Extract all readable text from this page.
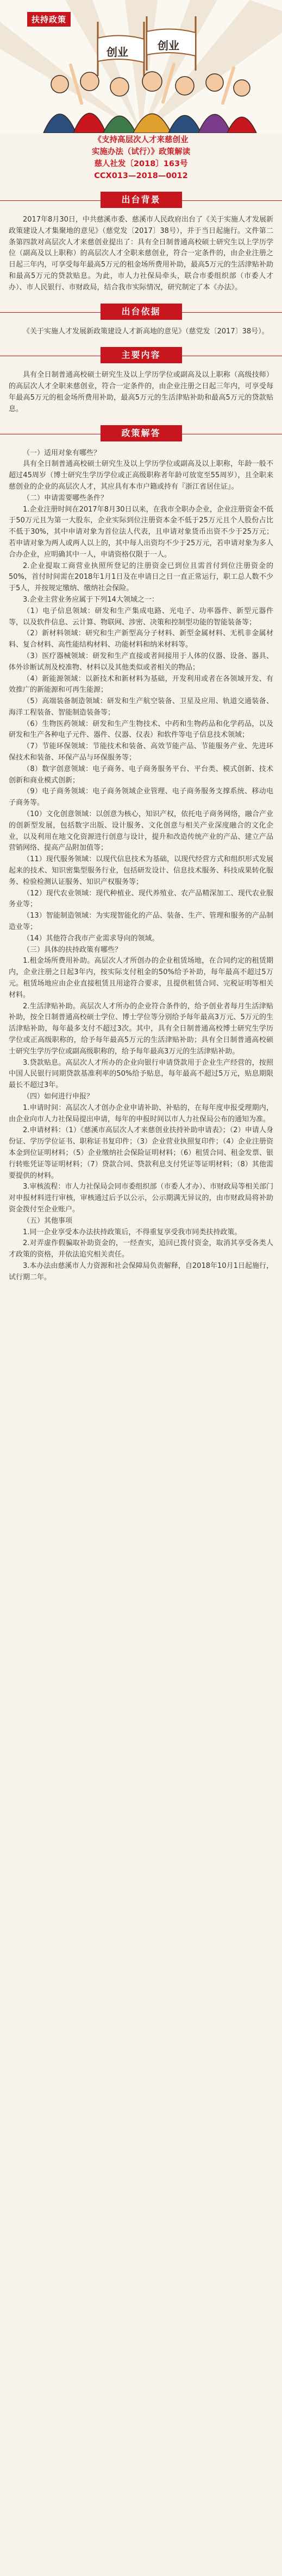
扶持政策
创业	创业
《支持高层次人才来慈创业
实施办法（试行）》政策解读
慈人社发〔2018〕163号
CCX013—2018—0012
出台背景

2017年8月30日，中共慈溪市委、慈溪市人民政府出台了《关于实施人才发展新政策建设人才集聚地的意见》（慈党发〔2017〕38号），并于当日起施行。文件第二条第四款对高层次人才来慈创业提出了：具有全日制普通高校硕士研究生以上学历学位（副高及以上职称）的高层次人才全职来慈创业，符合一定条件的，由企业注册之日起三年内，可享受每年最高5万元的租金场所费用补助，最高5万元的生活津贴补助和最高5万元的贷款贴息。为此，市人力社保局牵头，联合市委组织部（市委人才办）、市人民银行、市财政局，结合我市实际情况，研究制定了本《办法》。

出台依据

《关于实施人才发展新政策建设人才新高地的意见》（慈党发〔2017〕38号）。

主要内容

具有全日制普通高校硕士研究生及以上学历学位或副高及以上职称（高级技师）的高层次人才全职来慈创业，符合一定条件的，由企业注册之日起三年内，可享受每年最高5万元的租金场所费用补助，最高5万元的生活津贴补助和最高5万元的贷款贴息。

政策解答

（一）适用对象有哪些？

具有全日制普通高校硕士研究生及以上学历学位或副高及以上职称，年龄一般不超过45周岁（博士研究生学历学位或正高级职称者年龄可放宽至55周岁），且全职来慈创业的企业的高层次人才，其应具有本市户籍或持有『浙江省居住证』。

（二）申请需要哪些条件？

1.企业注册时间在2017年8月30日以来，在我市全职办企业，企业注册资金不低于50万元且为第一大股东，企业实际到位注册资本金不低于25万元且个人股份占比不低于30%，其中申请对象为首位法人代表，且申请对象货币出资不少于25万元；若申请对象为两人或两人以上的，其中每人出资均不少于25万元，若申请对象为多人合办企业，应明确其中一人，申请资格仅限于一人。

2.企业提取工商营业执照所登记的注册资金已到位且需首付到位注册资金的50%，首付时间需在2018年1月1日及在申请日之日一直正常运行，职工总人数不少于5人，并按规定缴纳、缴纳社会保险。

3.企业主营业务应属于下列14大领域之一：

（1）电子信息领域：研发和生产集成电路、光电子、功率器件、新型元器件等，以及软件信息、云计算、物联网、涉密、决策和控制型功能的智能装备等；

（2）新材料领域：研究和生产新型高分子材料、新型金属材料、无机非金属材料、复合材料、高性能结构材料、功能材料和纳米材料等。

（3）医疗器械领域：研发和生产直接或者间接用于人体的仪器、设备、器具、体外诊断试剂及校准物、材料以及其他类似或者相关的物品；

（4）新能源领域：以新技术和新材料为基础，开发利用或者在各领域开发、有效推广的新能源和可再生能源；

（5）高端装备制造领域：研发和生产航空装备、卫星及应用、轨道交通装备、海洋工程装备、智能制造装备等；

（6）生物医药领域：研发和生产生物技术、中药和生物药品和化学药品，以及研发和生产各种电子元件、器件、仪器、仪表）和软件等电子信息技术领域；

（7）节能环保领域：节能技术和装备、高效节能产品、节能服务产业、先进环保技术和装备、环保产品与环保服务等；

（8）数字创意领域：电子商务、电子商务服务平台、平台类、模式创新、技术创新和商业模式创新；

（9）电子商务领域：电子商务领域企业管理、电子商务服务支撑系统、移动电子商务等。

（10）文化创意领域：以创意为核心，知识产权，依托电子商务网络，融合产业的创新型发展，包括数字出版、设计服务、文化创意与相关产业深度融合的文化企业，以及利用在地文化资源进行创意与设计，提升和改造传统产业的产品、建立产品营销网络、提高产品附加值等；

（11）现代服务领域：以现代信息技术为基础，以现代经营方式和组织形式发展起来的技术、知识密集型服务行业，包括研发设计、信息技术服务、科技成果转化服务、检验检测认证服务、知识产权服务等；

（12）现代农业领域：现代种植业、现代养殖业、农产品精深加工、现代农业服务业等；

（13）智能制造领域：为实现智能化的产品、装备、生产、管理和服务的产品制造业等；

（14）其他符合我市产业需求导向的领域。

（三）具体的扶持政策有哪些？

1.租金场所费用补助。高层次人才所创办的企业租赁场地，在合同约定的租赁期内，企业注册之日起3年内，按实际支付租金的50%给予补助，每年最高不超过5万元。租赁场地应由企业直接租赁且用途符合要求，且提供租赁合同、完税证明等相关材料。

2.生活津贴补助。高层次人才所办的企业符合条件的，给予创业者每月生活津贴补助，按全日制普通高校硕士学位、博士学位等分别给予每年最高3万元、5万元的生活津贴补助，每年最多支付不超过3次。其中，具有全日制普通高校博士研究生学历学位或正高级职称的，给予每年最高5万元的生活津贴补助；具有全日制普通高校硕士研究生学历学位或副高级职称的，给予每年最高3万元的生活津贴补助。

3.贷款贴息。高层次人才所办的企业向银行申请贷款用于企业生产经营的，按照中国人民银行同期贷款基准利率的50%给予贴息，每年最高不超过5万元，贴息期限最长不超过3年。

（四）如何进行申报？

1.申请时间：高层次人才创办企业申请补助、补贴的，在每年度申报受理期内，由企业向市人力社保局提出申请，每年的申报时间以市人力社保局公布的通知为准。

2.申请材料：（1）《慈溪市高层次人才来慈创业扶持补助申请表》；（2）申请人身份证、学历学位证书、职称证书复印件；（3）企业营业执照复印件；（4）企业注册资本金到位证明材料；（5）企业缴纳社会保险证明材料；（6）租赁合同、租金发票、银行转账凭证等证明材料；（7）贷款合同、贷款利息支付凭证等证明材料；（8）其他需要提供的材料。

3.审核流程：市人力社保局会同市委组织部（市委人才办）、市财政局等相关部门对申报材料进行审核，审核通过后予以公示，公示期满无异议的，由市财政局将补助资金拨付至企业账户。

（五）其他事项

1.同一企业享受本办法扶持政策后，不得重复享受我市同类扶持政策。

2.对弄虚作假骗取补助资金的，一经查实，追回已拨付资金，取消其享受各类人才政策的资格，并依法追究相关责任。

3.本办法由慈溪市人力资源和社会保障局负责解释，自2018年10月1日起施行，试行期二年。
